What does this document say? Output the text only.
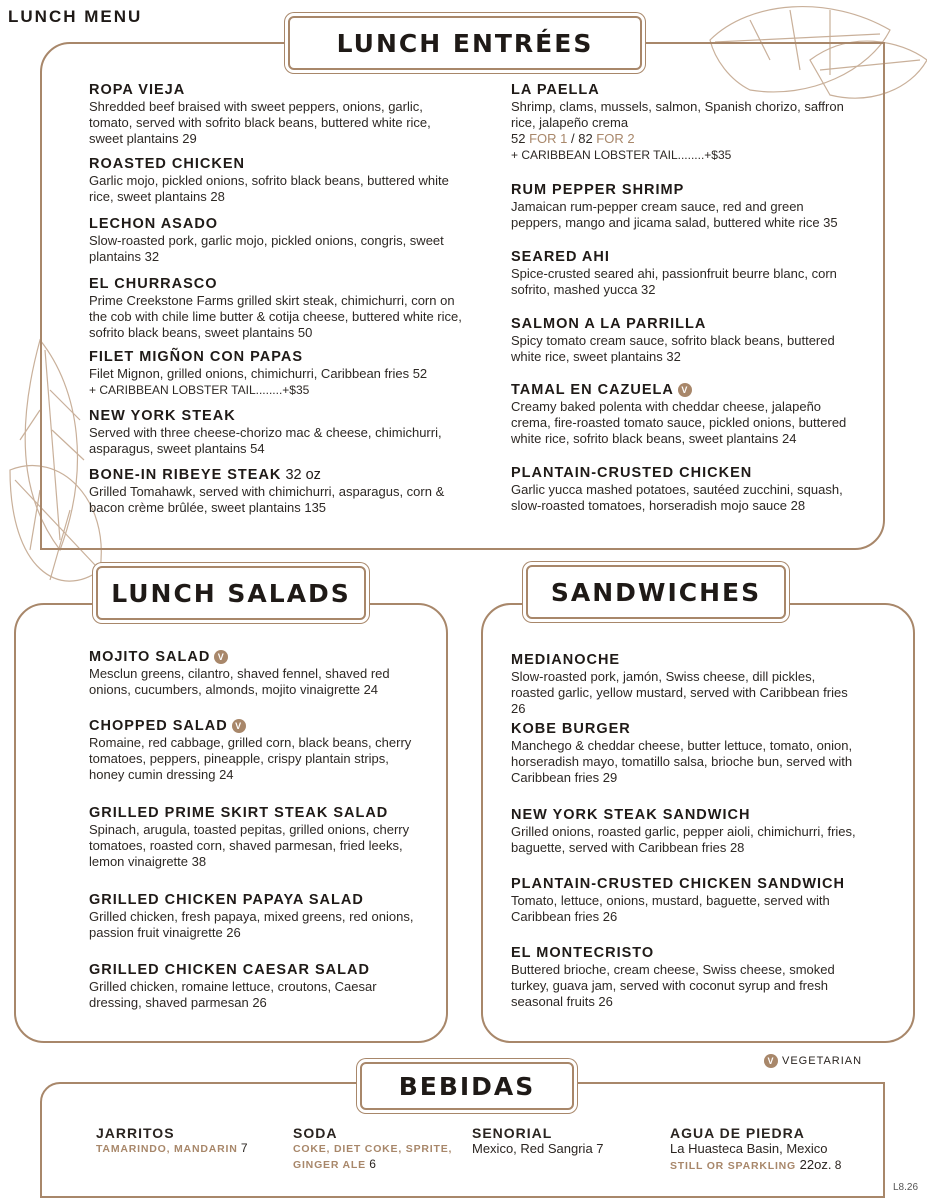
LUNCH MENU
LUNCH ENTRÉES
ROPA VIEJA
Shredded beef braised with sweet peppers, onions, garlic, tomato, served with sofrito black beans, buttered white rice, sweet plantains 29
ROASTED CHICKEN
Garlic mojo, pickled onions, sofrito black beans, buttered white rice, sweet plantains 28
LECHON ASADO
Slow-roasted pork, garlic mojo, pickled onions, congris, sweet plantains 32
EL CHURRASCO
Prime Creekstone Farms grilled skirt steak, chimichurri, corn on the cob with chile lime butter & cotija cheese, buttered white rice, sofrito black beans, sweet plantains 50
FILET MIGÑON CON PAPAS
Filet Mignon, grilled onions, chimichurri, Caribbean fries 52
+ CARIBBEAN LOBSTER TAIL........+$35
NEW YORK STEAK
Served with three cheese-chorizo mac & cheese, chimichurri, asparagus, sweet plantains 54
BONE-IN RIBEYE STEAK 32 oz
Grilled Tomahawk, served with chimichurri, asparagus, corn & bacon crème brûlée, sweet plantains 135
LA PAELLA
Shrimp, clams, mussels, salmon, Spanish chorizo, saffron rice, jalapeño crema
52 FOR 1 / 82 FOR 2
+ CARIBBEAN LOBSTER TAIL........+$35
RUM PEPPER SHRIMP
Jamaican rum-pepper cream sauce, red and green peppers, mango and jicama salad, buttered white rice 35
SEARED AHI
Spice-crusted seared ahi, passionfruit beurre blanc, corn sofrito, mashed yucca 32
SALMON A LA PARRILLA
Spicy tomato cream sauce, sofrito black beans, buttered white rice, sweet plantains 32
TAMAL EN CAZUELA V
Creamy baked polenta with cheddar cheese, jalapeño crema, fire-roasted tomato sauce, pickled onions, buttered white rice, sofrito black beans, sweet plantains 24
PLANTAIN-CRUSTED CHICKEN
Garlic yucca mashed potatoes, sautéed zucchini, squash, slow-roasted tomatoes, horseradish mojo sauce 28
LUNCH SALADS
MOJITO SALAD V
Mesclun greens, cilantro, shaved fennel, shaved red onions, cucumbers, almonds, mojito vinaigrette 24
CHOPPED SALAD V
Romaine, red cabbage, grilled corn, black beans, cherry tomatoes, peppers, pineapple, crispy plantain strips, honey cumin dressing 24
GRILLED PRIME SKIRT STEAK SALAD
Spinach, arugula, toasted pepitas, grilled onions, cherry tomatoes, roasted corn, shaved parmesan, fried leeks, lemon vinaigrette 38
GRILLED CHICKEN PAPAYA SALAD
Grilled chicken, fresh papaya, mixed greens, red onions, passion fruit vinaigrette 26
GRILLED CHICKEN CAESAR SALAD
Grilled chicken, romaine lettuce, croutons, Caesar dressing, shaved parmesan 26
SANDWICHES
MEDIANOCHE
Slow-roasted pork, jamón, Swiss cheese, dill pickles, roasted garlic, yellow mustard, served with Caribbean fries 26
KOBE BURGER
Manchego & cheddar cheese, butter lettuce, tomato, onion, horseradish mayo, tomatillo salsa, brioche bun, served with Caribbean fries 29
NEW YORK STEAK SANDWICH
Grilled onions, roasted garlic, pepper aioli, chimichurri, fries, baguette, served with Caribbean fries 28
PLANTAIN-CRUSTED CHICKEN SANDWICH
Tomato, lettuce, onions, mustard, baguette, served with Caribbean fries 26
EL MONTECRISTO
Buttered brioche, cream cheese, Swiss cheese, smoked turkey, guava jam, served with coconut syrup and fresh seasonal fruits 26
V VEGETARIAN
BEBIDAS
JARRITOS
TAMARINDO, MANDARIN 7
SODA
COKE, DIET COKE, SPRITE,
GINGER ALE 6
SENORIAL
Mexico, Red Sangria 7
AGUA DE PIEDRA
La Huasteca Basin, Mexico
STILL OR SPARKLING 22oz. 8
L8.26
